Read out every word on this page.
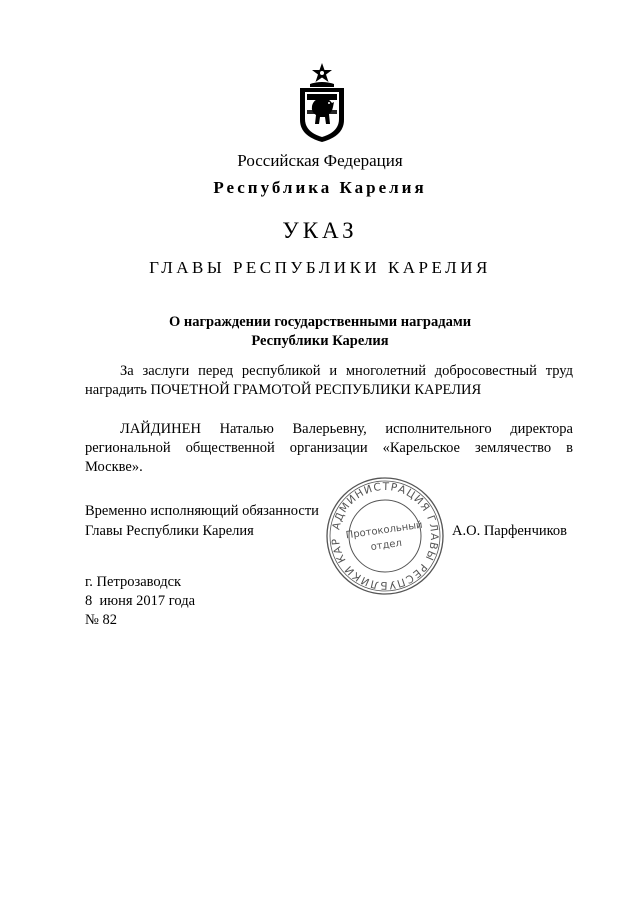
Российская Федерация
Республика Карелия
УКАЗ
ГЛАВЫ РЕСПУБЛИКИ КАРЕЛИЯ
О награждении государственными наградами
Республики Карелия
За заслуги перед республикой и многолетний добросовестный труд наградить ПОЧЕТНОЙ ГРАМОТОЙ РЕСПУБЛИКИ КАРЕЛИЯ
ЛАЙДИНЕН Наталью Валерьевну, исполнительного директора региональной общественной организации «Карельское землячество в Москве».
Временно исполняющий обязанности
Главы Республики Карелия	А.О. Парфенчиков
АДМИНИСТРАЦИЯ ГЛАВЫ РЕСПУБЛИКИ КАР Протокольный
отдел
г. Петрозаводск
8  июня 2017 года
№ 82
